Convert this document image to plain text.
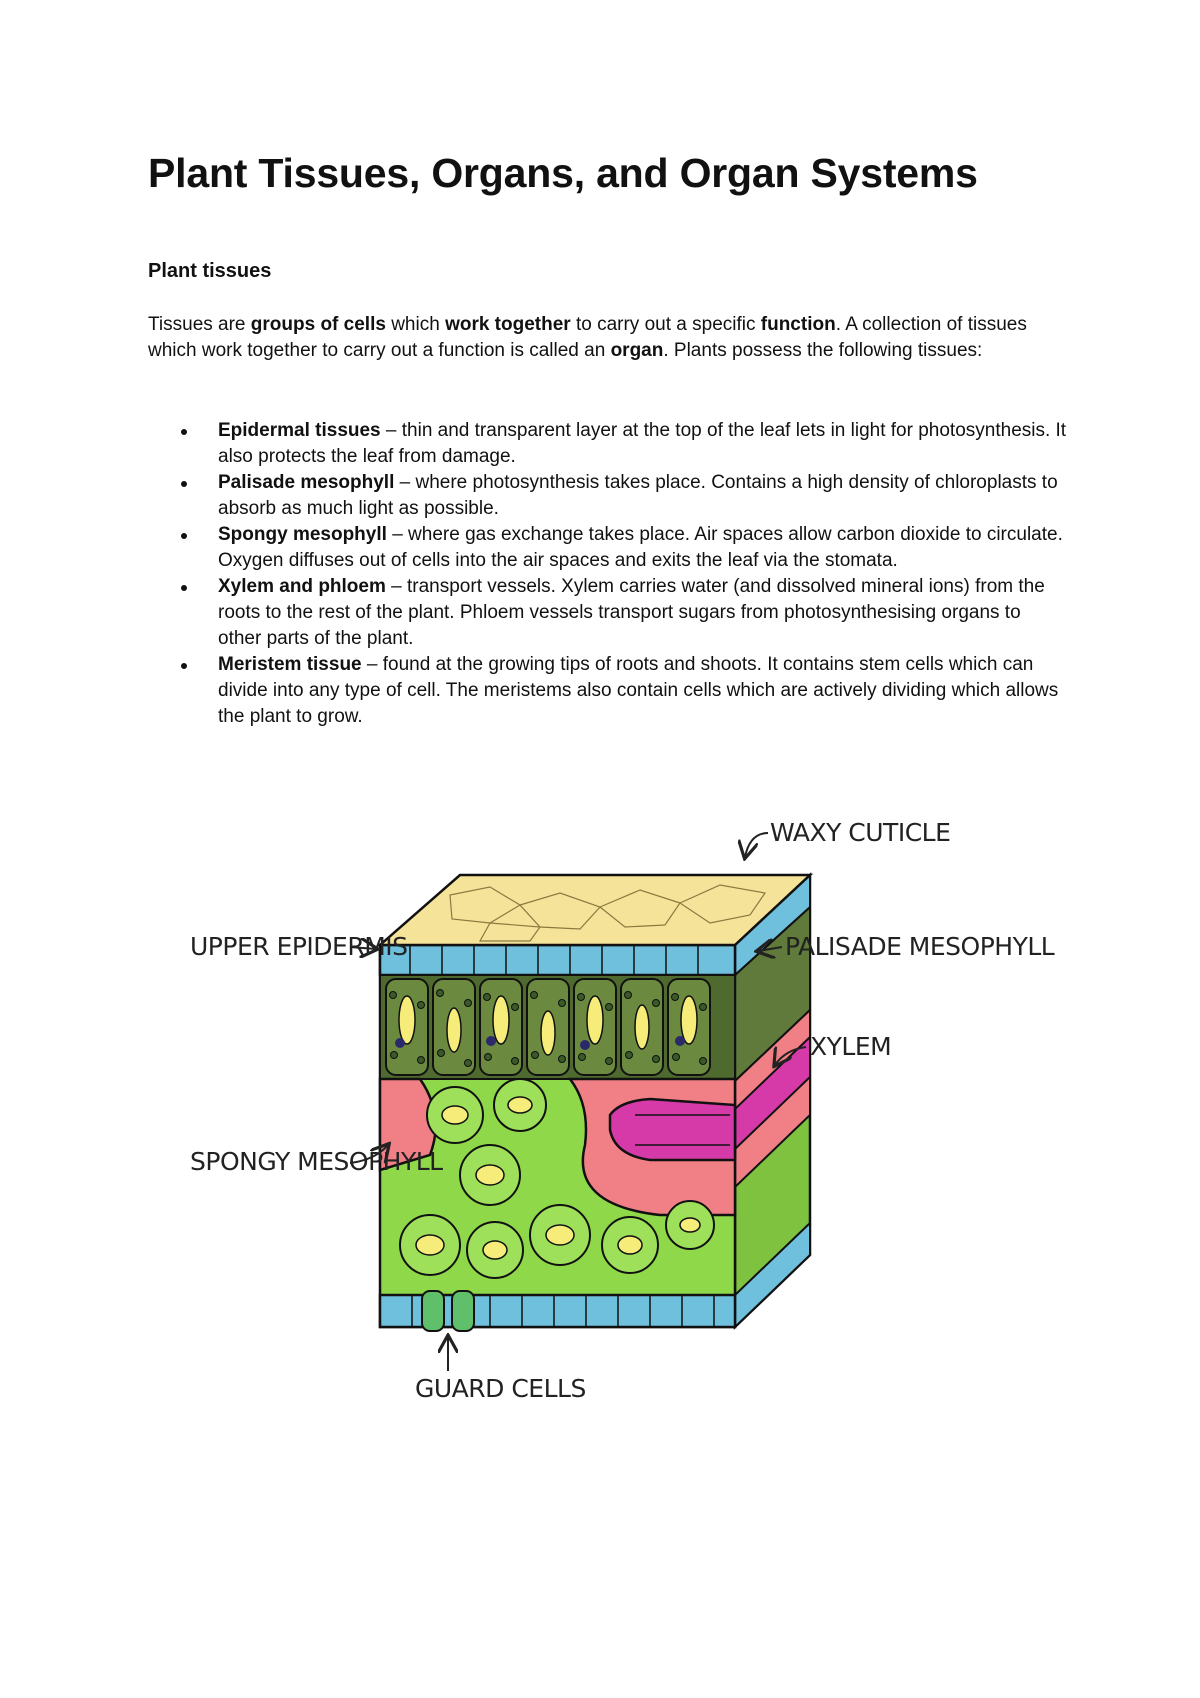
Plant Tissues, Organs, and Organ Systems
Plant tissues

Tissues are groups of cells which work together to carry out a specific function. A collection of tissues which work together to carry out a function is called an organ. Plants possess the following tissues:

Epidermal tissues – thin and transparent layer at the top of the leaf lets in light for photosynthesis. It also protects the leaf from damage.
Palisade mesophyll – where photosynthesis takes place. Contains a high density of chloroplasts to absorb as much light as possible.
Spongy mesophyll – where gas exchange takes place. Air spaces allow carbon dioxide to circulate. Oxygen diffuses out of cells into the air spaces and exits the leaf via the stomata.
Xylem and phloem – transport vessels. Xylem carries water (and dissolved mineral ions) from the roots to the rest of the plant. Phloem vessels transport sugars from photosynthesising organs to other parts of the plant.
Meristem tissue – found at the growing tips of roots and shoots. It contains stem cells which can divide into any type of cell. The meristems also contain cells which are actively dividing which allows the plant to grow.
WAXY CUTICLE
UPPER EPIDERMIS	PALISADE MESOPHYLL
XYLEM
SPONGY MESOPHYLL
GUARD CELLS
